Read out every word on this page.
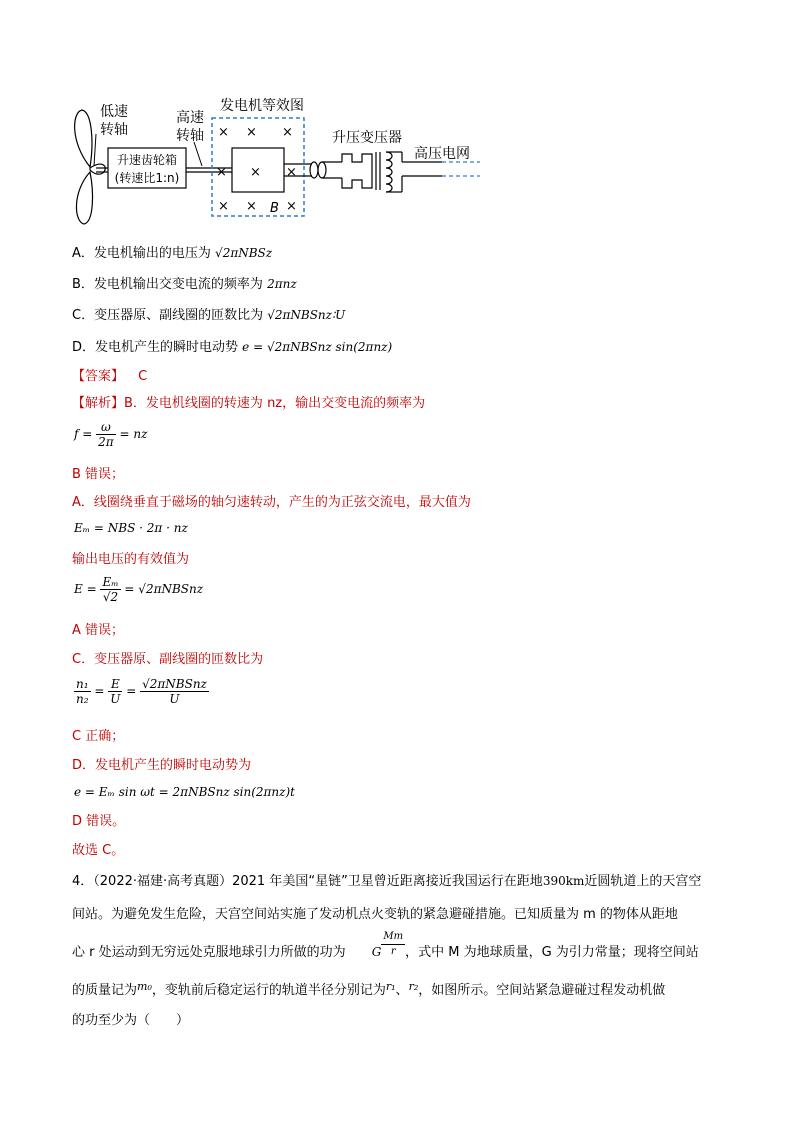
升速齿轮箱
(转速比1:n)
低速
转轴
高速
转轴
发电机等效图
× × ×
× × ×
× × ×
B
升压变压器
高压电网
A．发电机输出的电压为 √2πNBSz
B．发电机输出交变电流的频率为 2πnz
C．变压器原、副线圈的匝数比为 √2πNBSnz∶U
D．发电机产生的瞬时电动势 e = √2πNBSnz sin(2πnz)
【答案】 C
【解析】B．发电机线圈的转速为 nz，输出交变电流的频率为
$f = \frac{\omega}{2\pi}$ = nz
B 错误；
A．线圈绕垂直于磁场的轴匀速转动，产生的为正弦交流电，最大值为
Eₘ = NBS · 2π · nz
输出电压的有效值为
$E = \frac{\text{Eₘ}}{√2}$ = √2πNBSnz
A 错误；
C．变压器原、副线圈的匝数比为
$\frac{\text{n₁}}{\text{n₂}} = \frac{E}{U} = \frac{\text{√2πNBSnz}}{U}$
C 正确；
D．发电机产生的瞬时电动势为
e = Eₘ sin ωt = 2πNBSnz sin(2πnz)t
D 错误。
故选 C。
4．（2022·福建·高考真题）2021 年美国“星链”卫星曾近距离接近我国运行在距地390km近圆轨道上的天宫空
间站。为避免发生危险，天宫空间站实施了发动机点火变轨的紧急避碰措施。已知质量为 m 的物体从距地
心 r 处运动到无穷远处克服地球引力所做的功为 G $\frac{Mm}{r}$ ，式中 M 为地球质量，G 为引力常量；现将空间站
的质量记为$^{m_0}$，变轨前后稳定运行的轨道半径分别记为$^{r_1}$、$^{r_2}$，如图所示。空间站紧急避碰过程发动机做
的功至少为（　　）
